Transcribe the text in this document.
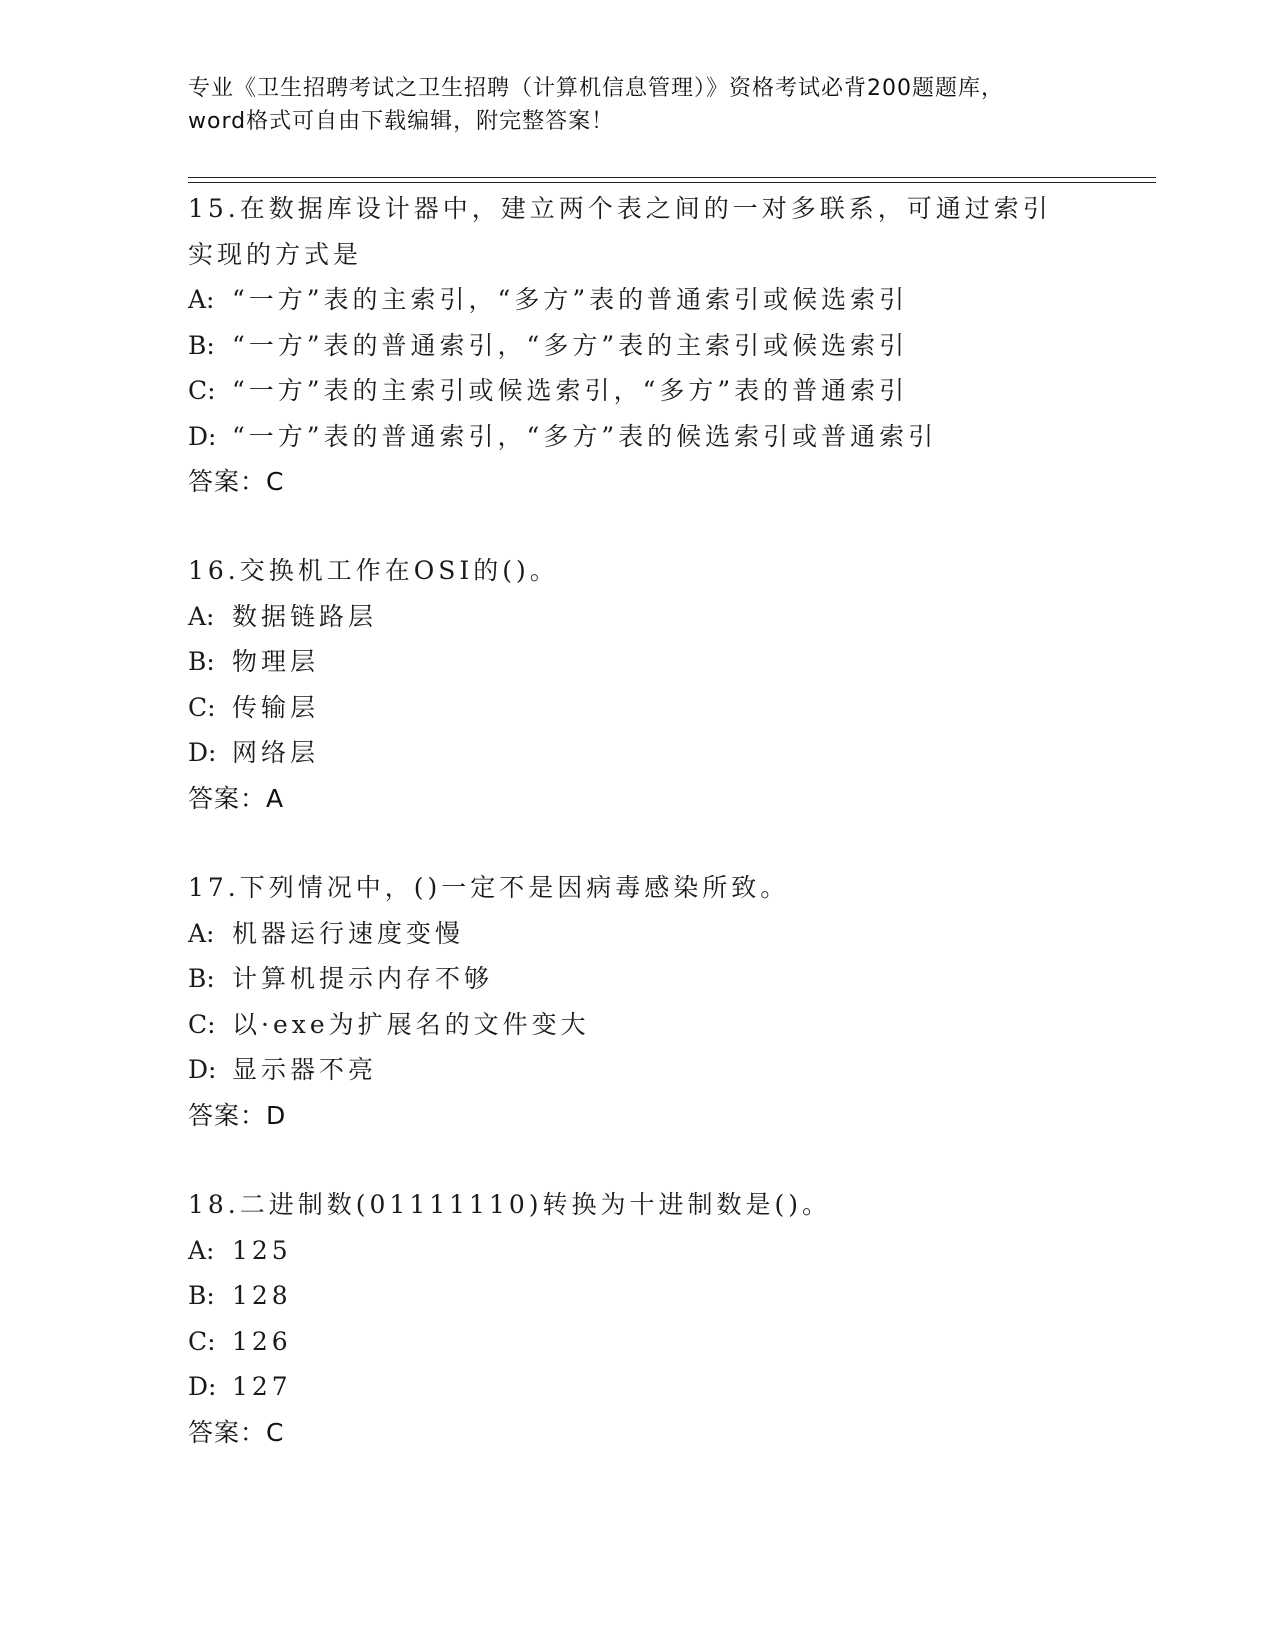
专业《卫生招聘考试之卫生招聘（计算机信息管理）》资格考试必背200题题库，
word格式可自由下载编辑，附完整答案！
15.在数据库设计器中，建立两个表之间的一对多联系，可通过索引实现的方式是
A: “一方”表的主索引，“多方”表的普通索引或候选索引
B: “一方”表的普通索引，“多方”表的主索引或候选索引
C: “一方”表的主索引或候选索引，“多方”表的普通索引
D: “一方”表的普通索引，“多方”表的候选索引或普通索引
答案：C
16.交换机工作在OSI的()。
A: 数据链路层
B: 物理层
C: 传输层
D: 网络层
答案：A
17.下列情况中，()一定不是因病毒感染所致。
A: 机器运行速度变慢
B: 计算机提示内存不够
C: 以·exe为扩展名的文件变大
D: 显示器不亮
答案：D
18.二进制数(01111110)转换为十进制数是()。
A: 125
B: 128
C: 126
D: 127
答案：C
